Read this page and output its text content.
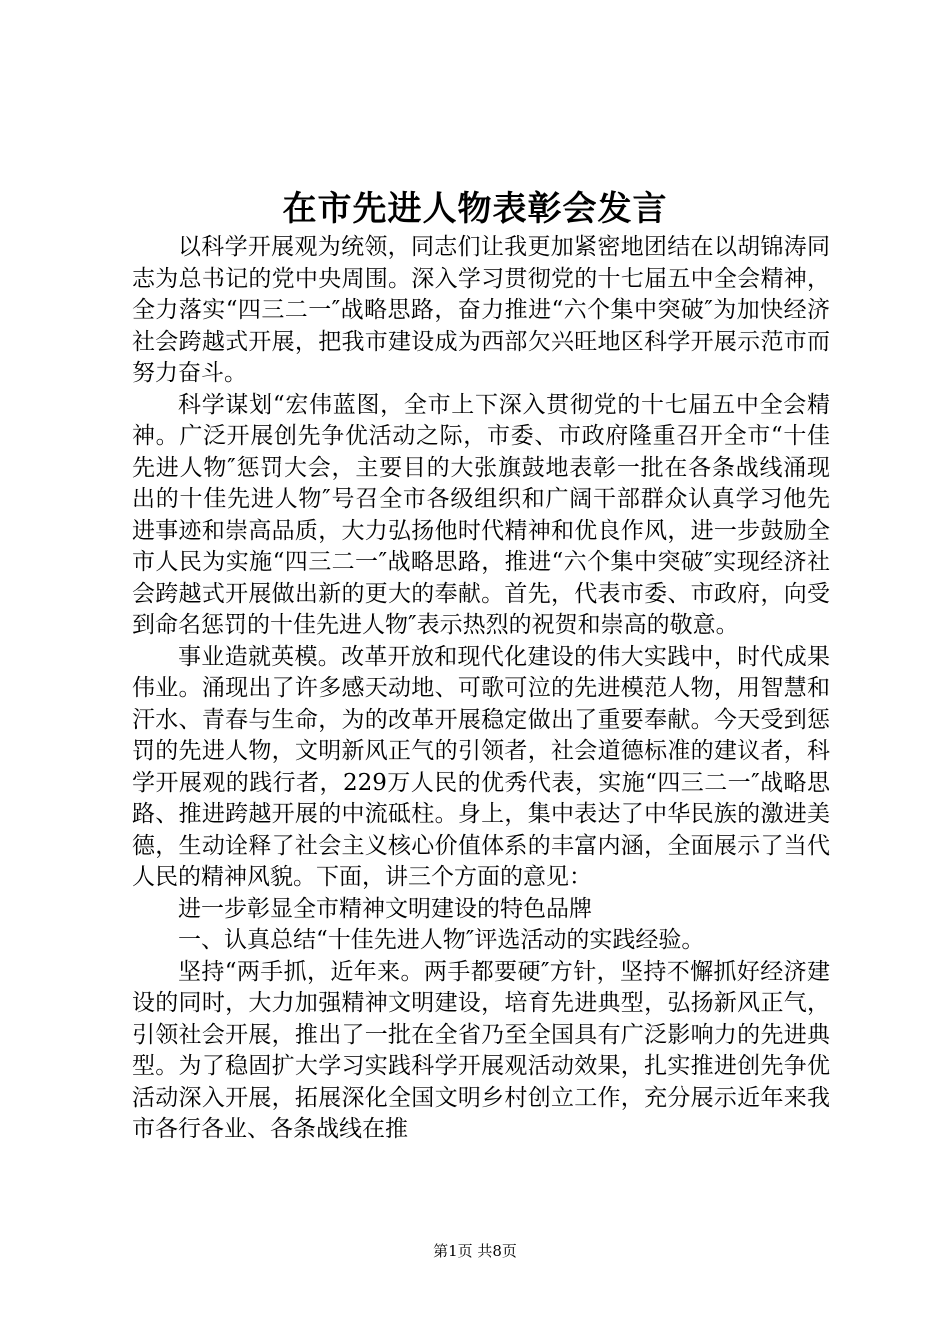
在市先进人物表彰会发言

以科学开展观为统领，同志们让我更加紧密地团结在以胡锦涛同志为总书记的党中央周围。深入学习贯彻党的十七届五中全会精神，全力落实“四三二一″战略思路，奋力推进“六个集中突破″为加快经济社会跨越式开展，把我市建设成为西部欠兴旺地区科学开展示范市而努力奋斗。

科学谋划“宏伟蓝图，全市上下深入贯彻党的十七届五中全会精神。广泛开展创先争优活动之际，市委、市政府隆重召开全市“十佳先进人物″惩罚大会，主要目的大张旗鼓地表彰一批在各条战线涌现出的十佳先进人物″号召全市各级组织和广阔干部群众认真学习他先进事迹和崇高品质，大力弘扬他时代精神和优良作风，进一步鼓励全市人民为实施“四三二一″战略思路，推进“六个集中突破″实现经济社会跨越式开展做出新的更大的奉献。首先，代表市委、市政府，向受到命名惩罚的十佳先进人物″表示热烈的祝贺和崇高的敬意。

事业造就英模。改革开放和现代化建设的伟大实践中，时代成果伟业。涌现出了许多感天动地、可歌可泣的先进模范人物，用智慧和汗水、青春与生命，为的改革开展稳定做出了重要奉献。今天受到惩罚的先进人物，文明新风正气的引领者，社会道德标准的建议者，科学开展观的践行者，229万人民的优秀代表，实施“四三二一″战略思路、推进跨越开展的中流砥柱。身上，集中表达了中华民族的激进美德，生动诠释了社会主义核心价值体系的丰富内涵，全面展示了当代人民的精神风貌。下面，讲三个方面的意见：

进一步彰显全市精神文明建设的特色品牌

一、认真总结“十佳先进人物″评选活动的实践经验。

坚持“两手抓，近年来。两手都要硬″方针，坚持不懈抓好经济建设的同时，大力加强精神文明建设，培育先进典型，弘扬新风正气，引领社会开展，推出了一批在全省乃至全国具有广泛影响力的先进典型。为了稳固扩大学习实践科学开展观活动效果，扎实推进创先争优活动深入开展，拓展深化全国文明乡村创立工作，充分展示近年来我市各行各业、各条战线在推

第1页 共8页
